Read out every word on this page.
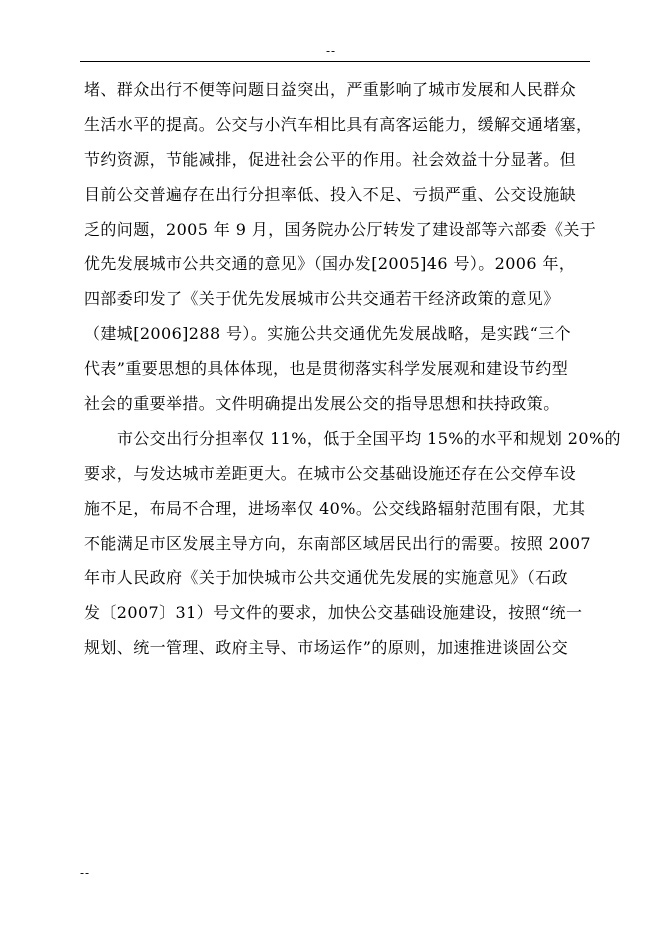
--
堵、群众出行不便等问题日益突出，严重影响了城市发展和人民群众
生活水平的提高。公交与小汽车相比具有高客运能力，缓解交通堵塞，
节约资源，节能减排，促进社会公平的作用。社会效益十分显著。但
目前公交普遍存在出行分担率低、投入不足、亏损严重、公交设施缺
乏的问题，2005 年 9 月，国务院办公厅转发了建设部等六部委《关于
优先发展城市公共交通的意见》（国办发[2005]46 号）。2006 年，
四部委印发了《关于优先发展城市公共交通若干经济政策的意见》
（建城[2006]288 号）。实施公共交通优先发展战略，是实践“三个
代表”重要思想的具体体现，也是贯彻落实科学发展观和建设节约型
社会的重要举措。文件明确提出发展公交的指导思想和扶持政策。
市公交出行分担率仅 11%，低于全国平均 15%的水平和规划 20%的
要求，与发达城市差距更大。在城市公交基础设施还存在公交停车设
施不足，布局不合理，进场率仅 40%。公交线路辐射范围有限，尤其
不能满足市区发展主导方向，东南部区域居民出行的需要。按照 2007
年市人民政府《关于加快城市公共交通优先发展的实施意见》（石政
发〔2007〕31）号文件的要求，加快公交基础设施建设，按照“统一
规划、统一管理、政府主导、市场运作”的原则，加速推进谈固公交
--
